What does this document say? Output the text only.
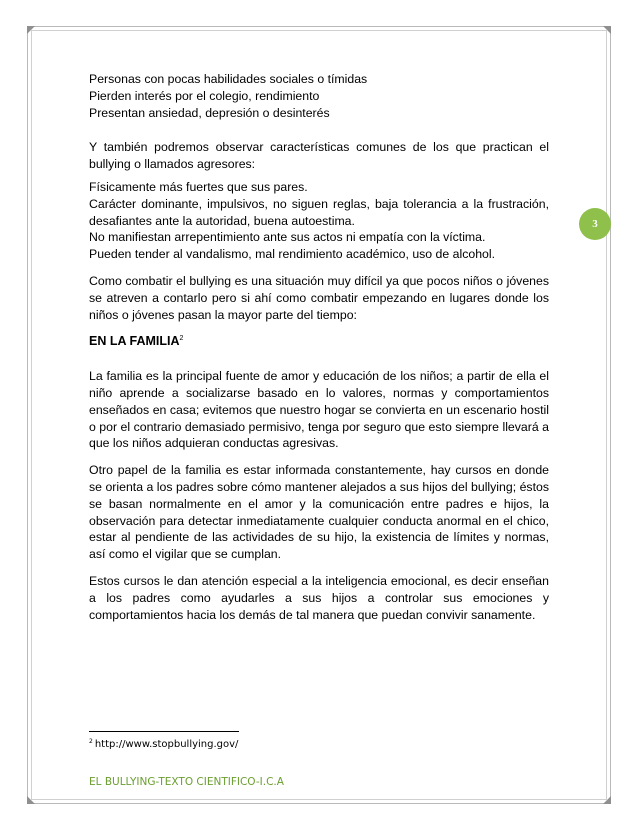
3

Personas con pocas habilidades sociales o tímidas

Pierden interés por el colegio, rendimiento

Presentan ansiedad, depresión o desinterés

Y también podremos observar características comunes de los que practican el bullying o llamados agresores:

Físicamente más fuertes que sus pares.

Carácter dominante, impulsivos, no siguen reglas, baja tolerancia a la frustración, desafiantes ante la autoridad, buena autoestima.

No manifiestan arrepentimiento ante sus actos ni empatía con la víctima.

Pueden tender al vandalismo, mal rendimiento académico, uso de alcohol.

Como combatir el bullying es una situación muy difícil ya que pocos niños o jóvenes se atreven a contarlo pero si ahí como combatir empezando en lugares donde los niños o jóvenes pasan la mayor parte del tiempo:

EN LA FAMILIA$^2$

La familia es la principal fuente de amor y educación de los niños; a partir de ella el niño aprende a socializarse basado en lo valores, normas y comportamientos enseñados en casa; evitemos que nuestro hogar se convierta en un escenario hostil o por el contrario demasiado permisivo, tenga por seguro que esto siempre llevará a que los niños adquieran conductas agresivas.

Otro papel de la familia es estar informada constantemente, hay cursos en donde se orienta a los padres sobre cómo mantener alejados a sus hijos del bullying; éstos se basan normalmente en el amor y la comunicación entre padres e hijos, la observación para detectar inmediatamente cualquier conducta anormal en el chico, estar al pendiente de las actividades de su hijo, la existencia de límites y normas, así como el vigilar que se cumplan.

Estos cursos le dan atención especial a la inteligencia emocional, es decir enseñan a los padres como ayudarles a sus hijos a controlar sus emociones y comportamientos hacia los demás de tal manera que puedan convivir sanamente.

$^2$ http://www.stopbullying.gov/
EL BULLYING-TEXTO CIENTIFICO-I.C.A
